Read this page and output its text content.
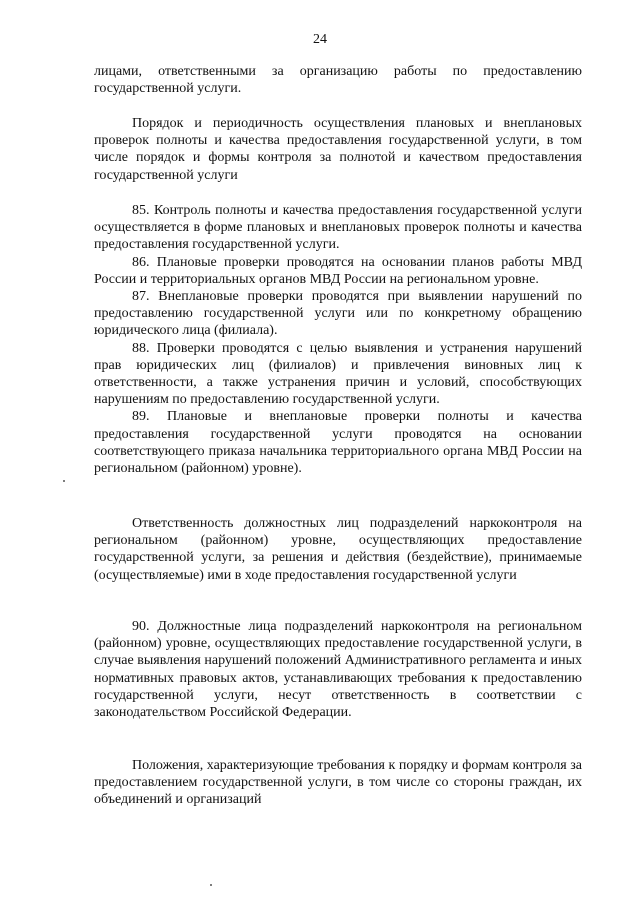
24

лицами, ответственными за организацию работы по предоставлению государственной услуги.

Порядок и периодичность осуществления плановых и внеплановых проверок полноты и качества предоставления государственной услуги, в том числе порядок и формы контроля за полнотой и качеством предоставления государственной услуги

85. Контроль полноты и качества предоставления государственной услуги осуществляется в форме плановых и внеплановых проверок полноты и качества предоставления государственной услуги.

86. Плановые проверки проводятся на основании планов работы МВД России и территориальных органов МВД России на региональном уровне.

87. Внеплановые проверки проводятся при выявлении нарушений по предоставлению государственной услуги или по конкретному обращению юридического лица (филиала).

88. Проверки проводятся с целью выявления и устранения нарушений прав юридических лиц (филиалов) и привлечения виновных лиц к ответственности, а также устранения причин и условий, способствующих нарушениям по предоставлению государственной услуги.

89. Плановые и внеплановые проверки полноты и качества предоставления государственной услуги проводятся на основании соответствующего приказа начальника территориального органа МВД России на региональном (районном) уровне).

Ответственность должностных лиц подразделений наркоконтроля на региональном (районном) уровне, осуществляющих предоставление государственной услуги, за решения и действия (бездействие), принимаемые (осуществляемые) ими в ходе предоставления государственной услуги

90. Должностные лица подразделений наркоконтроля на региональном (районном) уровне, осуществляющих предоставление государственной услуги, в случае выявления нарушений положений Административного регламента и иных нормативных правовых актов, устанавливающих требования к предоставлению государственной услуги, несут ответственность в соответствии с законодательством Российской Федерации.

Положения, характеризующие требования к порядку и формам контроля за предоставлением государственной услуги, в том числе со стороны граждан, их объединений и организаций
